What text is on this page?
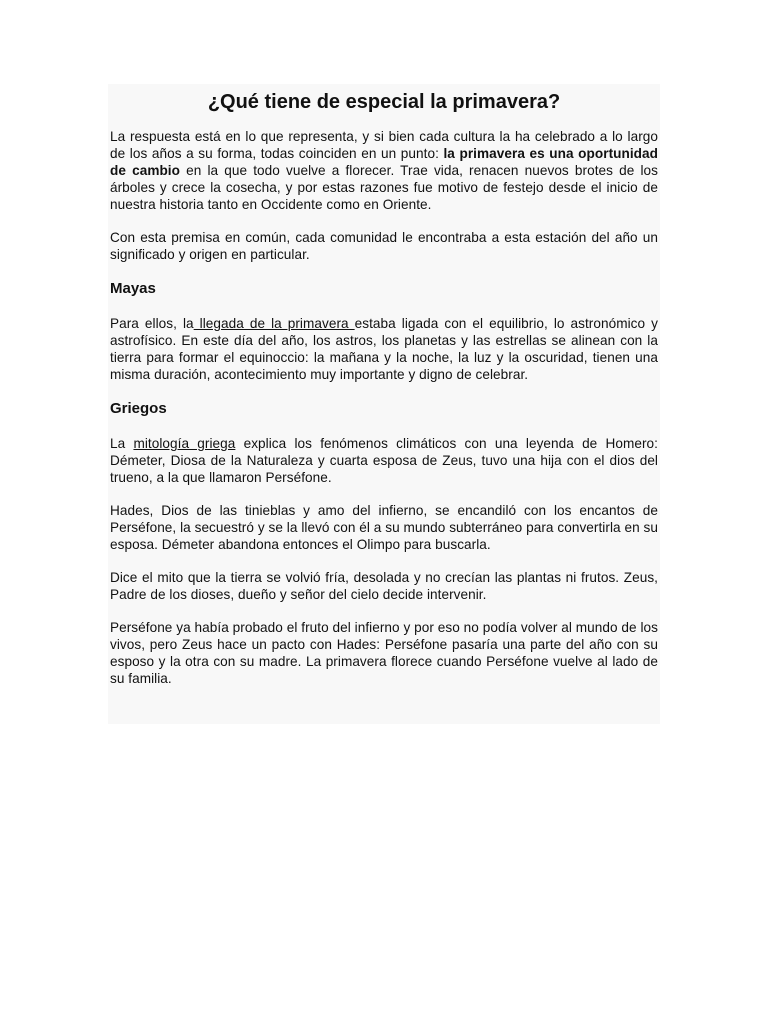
¿Qué tiene de especial la primavera?

La respuesta está en lo que representa, y si bien cada cultura la ha celebrado a lo largo de los años a su forma, todas coinciden en un punto: la primavera es una oportunidad de cambio en la que todo vuelve a florecer. Trae vida, renacen nuevos brotes de los árboles y crece la cosecha, y por estas razones fue motivo de festejo desde el inicio de nuestra historia tanto en Occidente como en Oriente.

Con esta premisa en común, cada comunidad le encontraba a esta estación del año un significado y origen en particular.

Mayas

Para ellos, la llegada de la primavera estaba ligada con el equilibrio, lo astronómico y astrofísico. En este día del año, los astros, los planetas y las estrellas se alinean con la tierra para formar el equinoccio: la mañana y la noche, la luz y la oscuridad, tienen una misma duración, acontecimiento muy importante y digno de celebrar.

Griegos

La mitología griega explica los fenómenos climáticos con una leyenda de Homero: Démeter, Diosa de la Naturaleza y cuarta esposa de Zeus, tuvo una hija con el dios del trueno, a la que llamaron Perséfone.

Hades, Dios de las tinieblas y amo del infierno, se encandiló con los encantos de Perséfone, la secuestró y se la llevó con él a su mundo subterráneo para convertirla en su esposa. Démeter abandona entonces el Olimpo para buscarla.

Dice el mito que la tierra se volvió fría, desolada y no crecían las plantas ni frutos. Zeus, Padre de los dioses, dueño y señor del cielo decide intervenir.

Perséfone ya había probado el fruto del infierno y por eso no podía volver al mundo de los vivos, pero Zeus hace un pacto con Hades: Perséfone pasaría una parte del año con su esposo y la otra con su madre. La primavera florece cuando Perséfone vuelve al lado de su familia.
